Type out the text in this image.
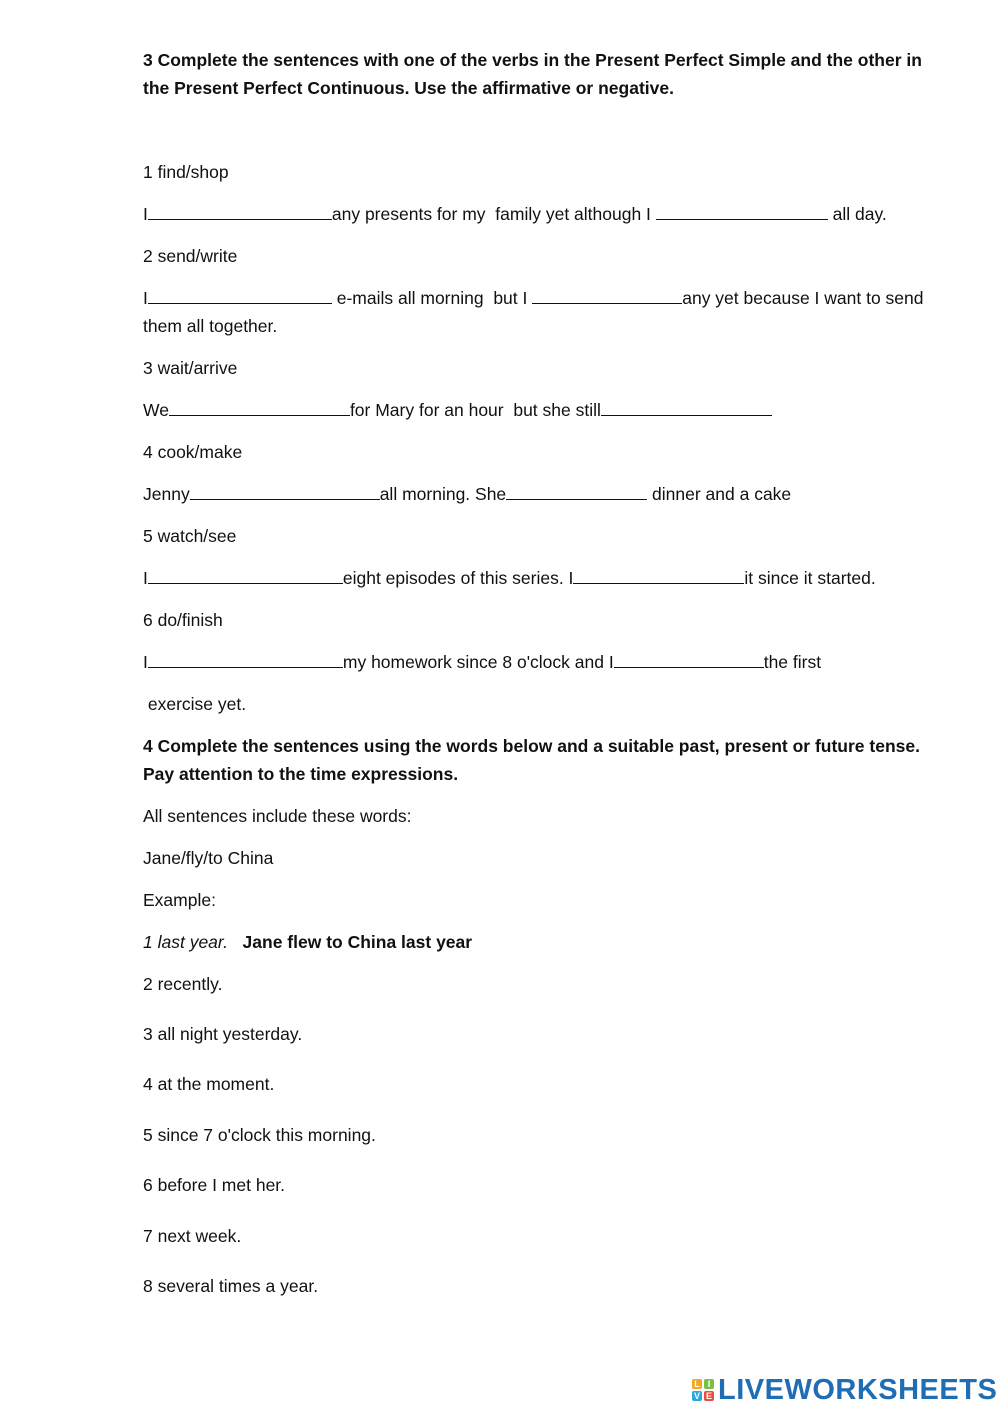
3 Complete the sentences with one of the verbs in the Present Perfect Simple and the other in
the Present Perfect Continuous. Use the affirmative or negative.
1 find/shop
I	any presents for my  family yet although I	all day.
2 send/write
I	e-mails all morning  but I	any yet because I want to send
them all together.
3 wait/arrive
We	for Mary for an hour  but she still
4 cook/make
Jenny	all morning. She	dinner and a cake
5 watch/see
I	eight episodes of this series. I	it since it started.
6 do/finish
I	my homework since 8 o'clock and I	the first
exercise yet.
4 Complete the sentences using the words below and a suitable past, present or future tense.
Pay attention to the time expressions.
All sentences include these words:
Jane/fly/to China
Example:
1 last year. Jane flew to China last year
2 recently.
3 all night yesterday.
4 at the moment.
5 since 7 o'clock this morning.
6 before I met her.
7 next week.
8 several times a year.
L I
V E LIVEWORKSHEETS
